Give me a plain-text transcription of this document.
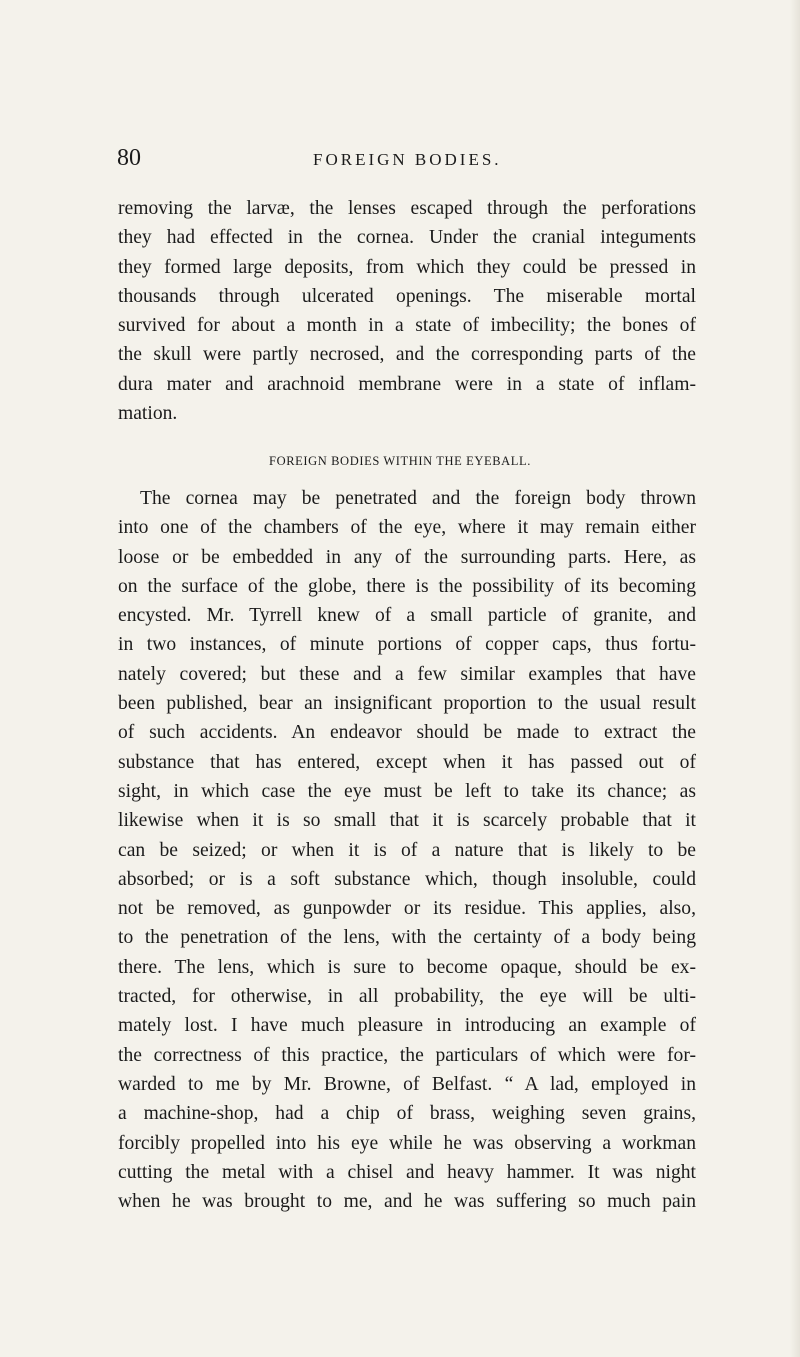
80	FOREIGN BODIES.
removing the larvæ, the lenses escaped through the perforations
they had effected in the cornea. Under the cranial integuments
they formed large deposits, from which they could be pressed in
thousands through ulcerated openings. The miserable mortal
survived for about a month in a state of imbecility; the bones of
the skull were partly necrosed, and the corresponding parts of the
dura mater and arachnoid membrane were in a state of inflam-
mation.
FOREIGN BODIES WITHIN THE EYEBALL.
The cornea may be penetrated and the foreign body thrown
into one of the chambers of the eye, where it may remain either
loose or be embedded in any of the surrounding parts. Here, as
on the surface of the globe, there is the possibility of its becoming
encysted. Mr. Tyrrell knew of a small particle of granite, and
in two instances, of minute portions of copper caps, thus fortu-
nately covered; but these and a few similar examples that have
been published, bear an insignificant proportion to the usual result
of such accidents. An endeavor should be made to extract the
substance that has entered, except when it has passed out of
sight, in which case the eye must be left to take its chance; as
likewise when it is so small that it is scarcely probable that it
can be seized; or when it is of a nature that is likely to be
absorbed; or is a soft substance which, though insoluble, could
not be removed, as gunpowder or its residue. This applies, also,
to the penetration of the lens, with the certainty of a body being
there. The lens, which is sure to become opaque, should be ex-
tracted, for otherwise, in all probability, the eye will be ulti-
mately lost. I have much pleasure in introducing an example of
the correctness of this practice, the particulars of which were for-
warded to me by Mr. Browne, of Belfast. “ A lad, employed in
a machine-shop, had a chip of brass, weighing seven grains,
forcibly propelled into his eye while he was observing a workman
cutting the metal with a chisel and heavy hammer. It was night
when he was brought to me, and he was suffering so much pain
